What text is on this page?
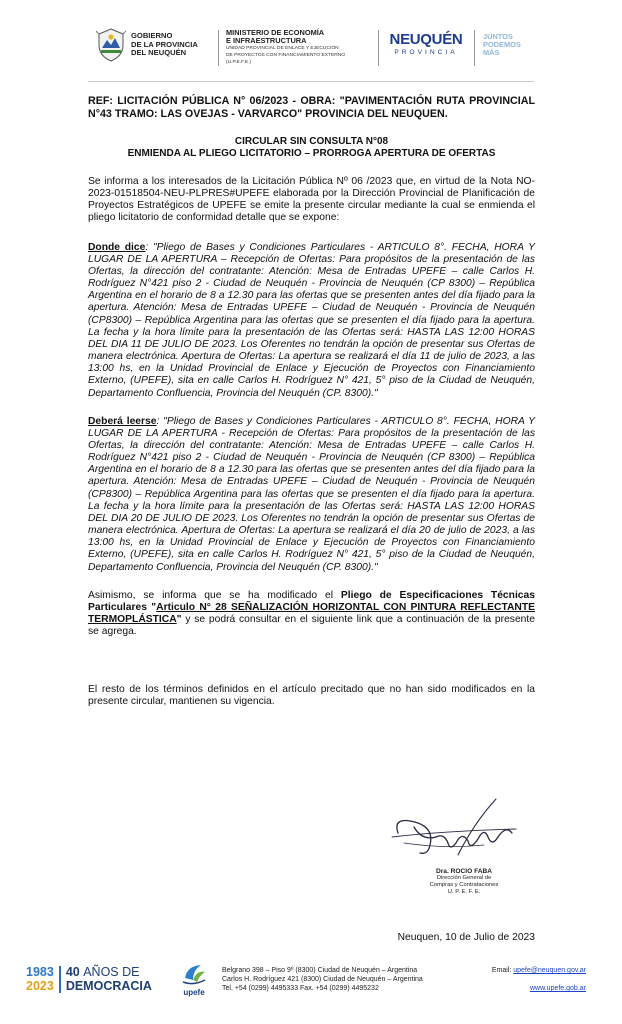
GOBIERNO
DE LA PROVINCIA
DEL NEUQUÉN
MINISTERIO DE ECONOMÍA
E INFRAESTRUCTURA
UNIDAD PROVINCIAL DE ENLACE Y EJECUCIÓN
DE PROYECTOS CON FINANCIAMIENTO EXTERNO
(U.P.E.F.E.)
NEUQUÉN
PROVINCIA
JUNTOS
PODEMOS
MÁS

REF: LICITACIÓN PÚBLICA N° 06/2023 - OBRA: "PAVIMENTACIÓN RUTA PROVINCIAL N°43 TRAMO: LAS OVEJAS - VARVARCO" PROVINCIA DEL NEUQUEN.

CIRCULAR SIN CONSULTA N°08
ENMIENDA AL PLIEGO LICITATORIO – PRORROGA APERTURA DE OFERTAS

Se informa a los interesados de la Licitación Pública Nº 06 /2023 que, en virtud de la Nota NO-2023-01518504-NEU-PLPRES#UPEFE elaborada por la Dirección Provincial de Planificación de Proyectos Estratégicos de UPEFE se emite la presente circular mediante la cual se enmienda el pliego licitatorio de conformidad detalle que se expone:

Donde dice: "Pliego de Bases y Condiciones Particulares - ARTICULO 8°. FECHA, HORA Y LUGAR DE LA APERTURA – Recepción de Ofertas: Para propósitos de la presentación de las Ofertas, la dirección del contratante: Atención: Mesa de Entradas UPEFE – calle Carlos H. Rodríguez N°421 piso 2 - Ciudad de Neuquén - Provincia de Neuquén (CP 8300) – República Argentina en el horario de 8 a 12.30 para las ofertas que se presenten antes del día fijado para la apertura. Atención: Mesa de Entradas UPEFE – Ciudad de Neuquén - Provincia de Neuquén (CP8300) – República Argentina para las ofertas que se presenten el día fijado para la apertura. La fecha y la hora límite para la presentación de las Ofertas será: HASTA LAS 12:00 HORAS DEL DIA 11 DE JULIO DE 2023. Los Oferentes no tendrán la opción de presentar sus Ofertas de manera electrónica. Apertura de Ofertas: La apertura se realizará el día 11 de julio de 2023, a las 13:00 hs, en la Unidad Provincial de Enlace y Ejecución de Proyectos con Financiamiento Externo, (UPEFE), sita en calle Carlos H. Rodríguez N° 421, 5° piso de la Ciudad de Neuquén, Departamento Confluencia, Provincia del Neuquén (CP. 8300)."

Deberá leerse: "Pliego de Bases y Condiciones Particulares - ARTICULO 8°. FECHA, HORA Y LUGAR DE LA APERTURA - Recepción de Ofertas: Para propósitos de la presentación de las Ofertas, la dirección del contratante: Atención: Mesa de Entradas UPEFE – calle Carlos H. Rodríguez N°421 piso 2 - Ciudad de Neuquén - Provincia de Neuquén (CP 8300) – República Argentina en el horario de 8 a 12.30 para las ofertas que se presenten antes del día fijado para la apertura. Atención: Mesa de Entradas UPEFE – Ciudad de Neuquén - Provincia de Neuquén (CP8300) – República Argentina para las ofertas que se presenten el día fijado para la apertura. La fecha y la hora límite para la presentación de las Ofertas será: HASTA LAS 12:00 HORAS DEL DIA 20 DE JULIO DE 2023. Los Oferentes no tendrán la opción de presentar sus Ofertas de manera electrónica. Apertura de Ofertas: La apertura se realizará el día 20 de julio de 2023, a las 13:00 hs, en la Unidad Provincial de Enlace y Ejecución de Proyectos con Financiamiento Externo, (UPEFE), sita en calle Carlos H. Rodríguez N° 421, 5° piso de la Ciudad de Neuquén, Departamento Confluencia, Provincia del Neuquén (CP. 8300)."

Asimismo, se informa que se ha modificado el Pliego de Especificaciones Técnicas Particulares "Articulo N° 28 SEÑALIZACIÓN HORIZONTAL CON PINTURA REFLECTANTE TERMOPLÁSTICA" y se podrá consultar en el siguiente link que a continuación de la presente se agrega.

El resto de los términos definidos en el artículo precitado que no han sido modificados en la presente circular, mantienen su vigencia.

Dra. ROCIO FABA
Dirección General de
Compras y Contrataciones
U. P. E. F. E.
Neuquen, 10 de Julio de 2023
1983
2023
40 AÑOS DE
DEMOCRACIA	upefe
Belgrano 398 – Piso 9º (8300) Ciudad de Neuquén – Argentina
Carlos H. Rodríguez 421 (8300) Ciudad de Neuquén – Argentina
Tel. +54 (0299) 4495333 Fax. +54 (0299) 4495232
Email: upefe@neuquen.gov.ar
www.upefe.gob.ar
